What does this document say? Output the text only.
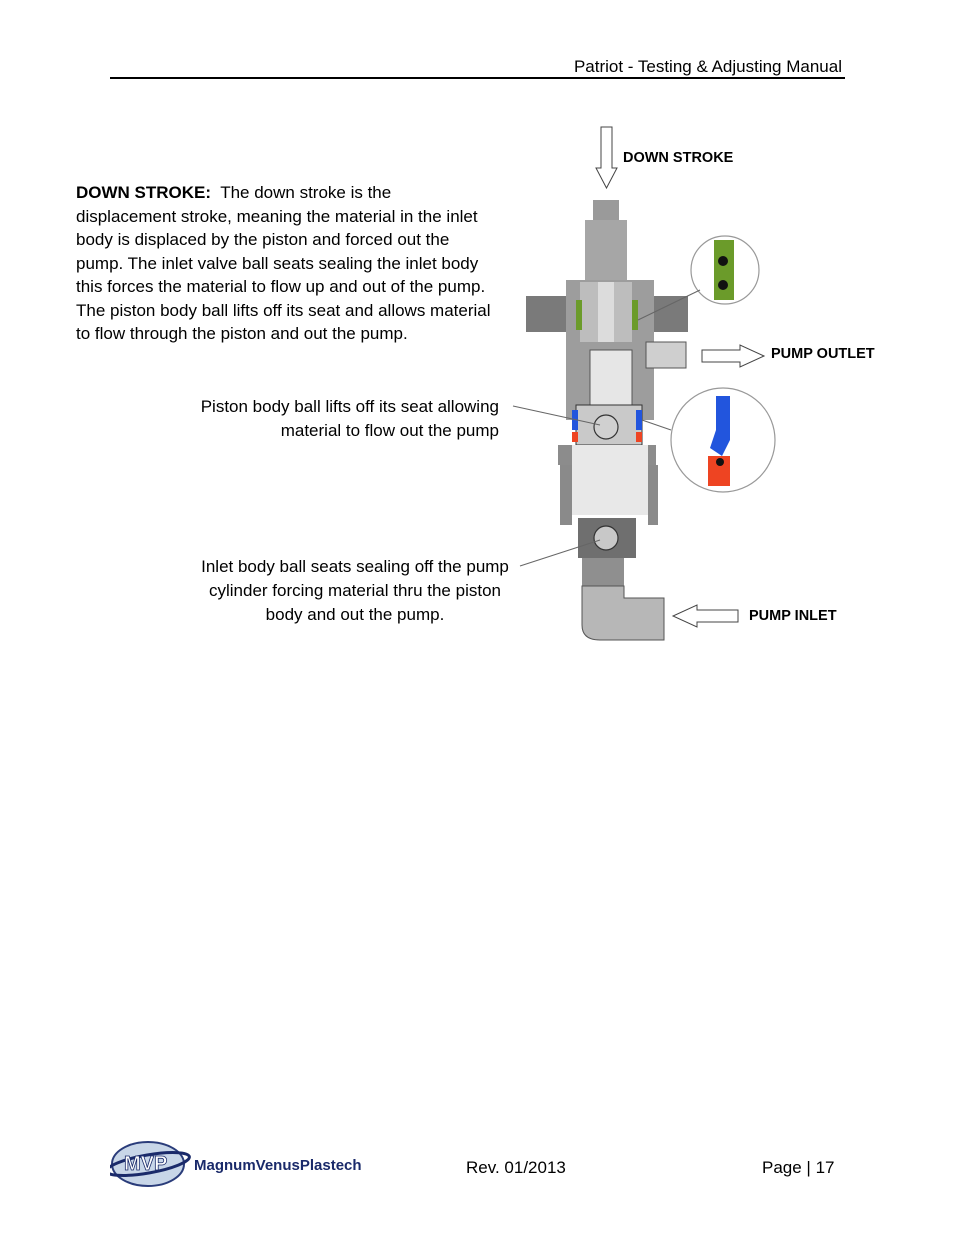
Patriot - Testing & Adjusting Manual
DOWN STROKE: The down stroke is the displacement stroke, meaning the material in the inlet body is displaced by the piston and forced out the pump. The inlet valve ball seats sealing the inlet body this forces the material to flow up and out of the pump. The piston body ball lifts off its seat and allows material to flow through the piston and out the pump.
DOWN STROKE
PUMP OUTLET
PUMP INLET
Piston body ball lifts off its seat allowing material to flow out the pump
Inlet body ball seats sealing off the pump cylinder forcing material thru the piston body and out the pump.
MVP MagnumVenusPlastech	Rev. 01/2013	Page | 17
